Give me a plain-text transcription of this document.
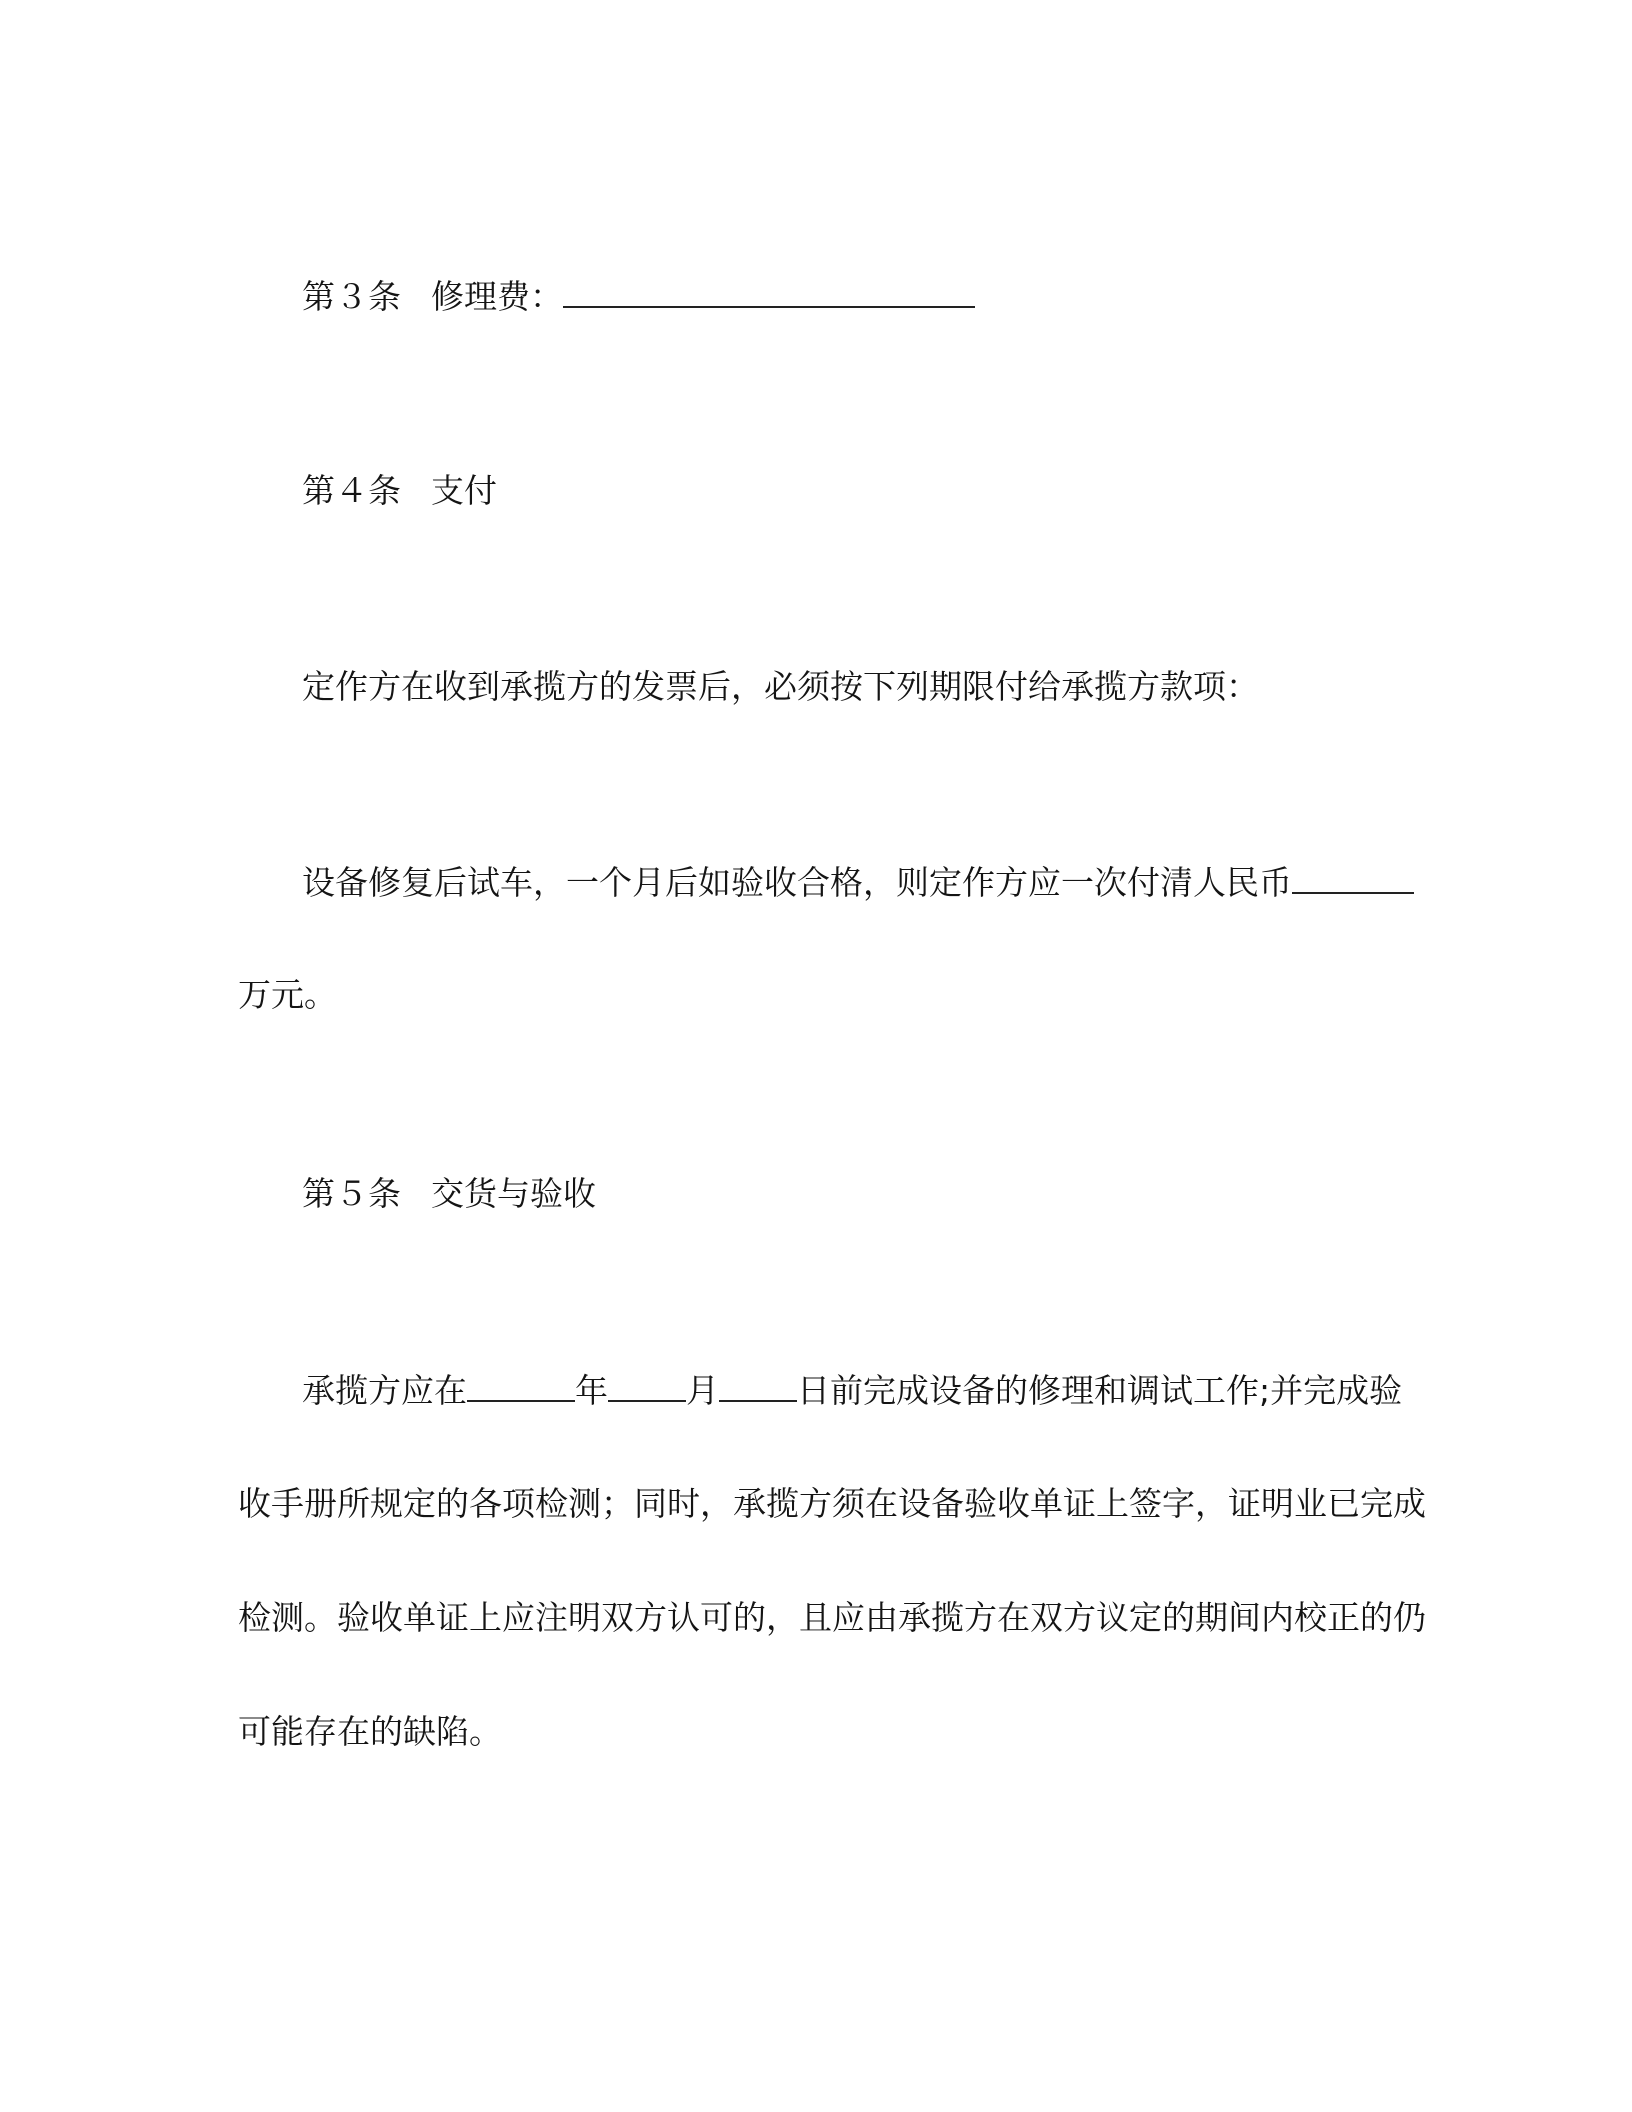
第３条 修理费：
第４条 支付
定作方在收到承揽方的发票后，必须按下列期限付给承揽方款项：
设备修复后试车，一个月后如验收合格，则定作方应一次付清人民币
万元。
第５条 交货与验收
承揽方应在	年 月 日前完成设备的修理和调试工作;并完成验
收手册所规定的各项检测；同时，承揽方须在设备验收单证上签字，证明业已完成
检测。验收单证上应注明双方认可的，且应由承揽方在双方议定的期间内校正的仍
可能存在的缺陷。
